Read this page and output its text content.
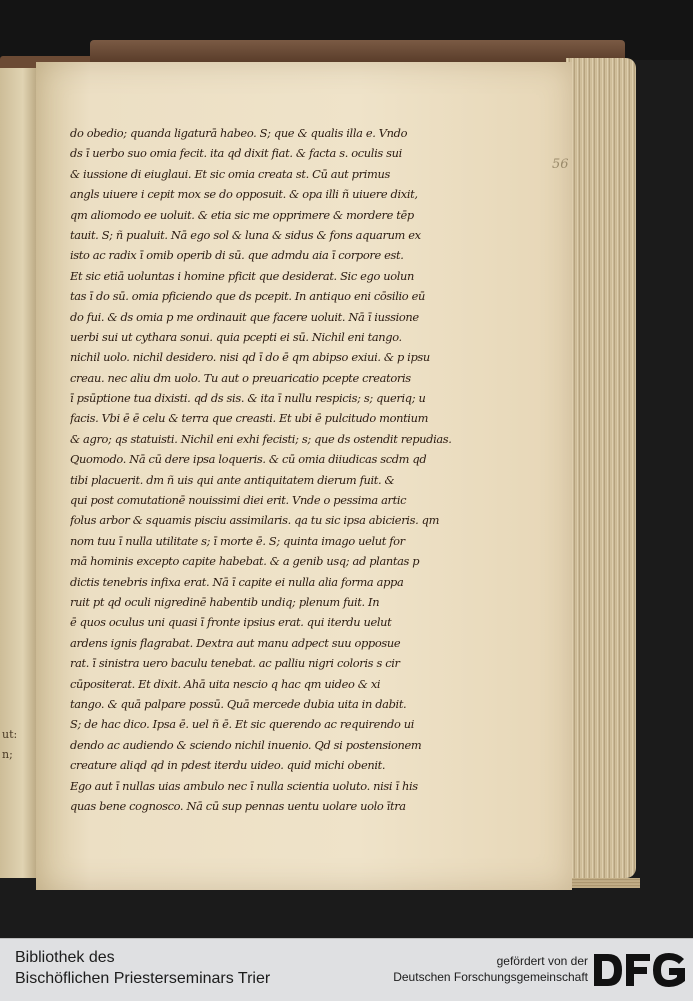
ut:
n;
56
do obedio; quanda ligaturā habeo. S; que & qualis illa e. Vndo
ds ī uerbo suo omia fecit. ita qd dixit fiat. & facta s. oculis sui
& iussione di eiuglaui. Et sic omia creata st. Cū aut primus
angls uiuere i cepit mox se do opposuit. & opa illi ñ uiuere dixit,
qm aliomodo ee uoluit. & etia sic me opprimere & mordere tēp
tauit. S; ñ pualuit. Nā ego sol & luna & sidus & fons aquarum ex
isto ac radix ī omib operib di sū. que admdu aia ī corpore est.
Et sic etiā uoluntas i homine pficit que desiderat. Sic ego uolun
tas ī do sū. omia pficiendo que ds pcepit. In antiquo eni cōsilio eū
do fui. & ds omia p me ordinauit que facere uoluit. Nā ī iussione
uerbi sui ut cythara sonui. quia pcepti ei sū. Nichil eni tango.
nichil uolo. nichil desidero. nisi qd ī do ē qm abipso exiui. & p ipsu
creau. nec aliu dm uolo. Tu aut o preuaricatio pcepte creatoris
ī psūptione tua dixisti. qd ds sis. & ita ī nullu respicis; s; queriq; u
facis. Vbi ē ē celu & terra que creasti. Et ubi ē pulcitudo montium
& agro; qs statuisti. Nichil eni exhi fecisti; s; que ds ostendit repudias.
Quomodo. Nā cū dere ipsa loqueris. & cū omia diiudicas scdm qd
tibi placuerit. dm ñ uis qui ante antiquitatem dierum fuit. &
qui post comutationē nouissimi diei erit. Vnde o pessima artic
folus arbor & squamis pisciu assimilaris. qa tu sic ipsa abicieris. qm
nom tuu ī nulla utilitate s; ī morte ē. S; quinta imago uelut for
mā hominis excepto capite habebat. & a genib usq; ad plantas p
dictis tenebris infixa erat. Nā ī capite ei nulla alia forma appa
ruit pt qd oculi nigredinē habentib undiq; plenum fuit. In
ē quos oculus uni quasi ī fronte ipsius erat. qui iterdu uelut
ardens ignis flagrabat. Dextra aut manu adpect suu opposue
rat. ī sinistra uero baculu tenebat. ac palliu nigri coloris s cir
cūpositerat. Et dixit. Ahā uita nescio q hac qm uideo & xi
tango. & quā palpare possū. Quā mercede dubia uita in dabit.
S; de hac dico. Ipsa ē. uel ñ ē. Et sic querendo ac requirendo ui
dendo ac audiendo & sciendo nichil inuenio. Qd si postensionem
creature aliqd qd in pdest iterdu uideo. quid michi obenit.
Ego aut ī nullas uias ambulo nec ī nulla scientia uoluto. nisi ī his
quas bene cognosco. Nā cū sup pennas uentu uolare uolo ītra
Bibliothek des
Bischöflichen Priesterseminars Trier
gefördert von der
Deutschen Forschungsgemeinschaft
